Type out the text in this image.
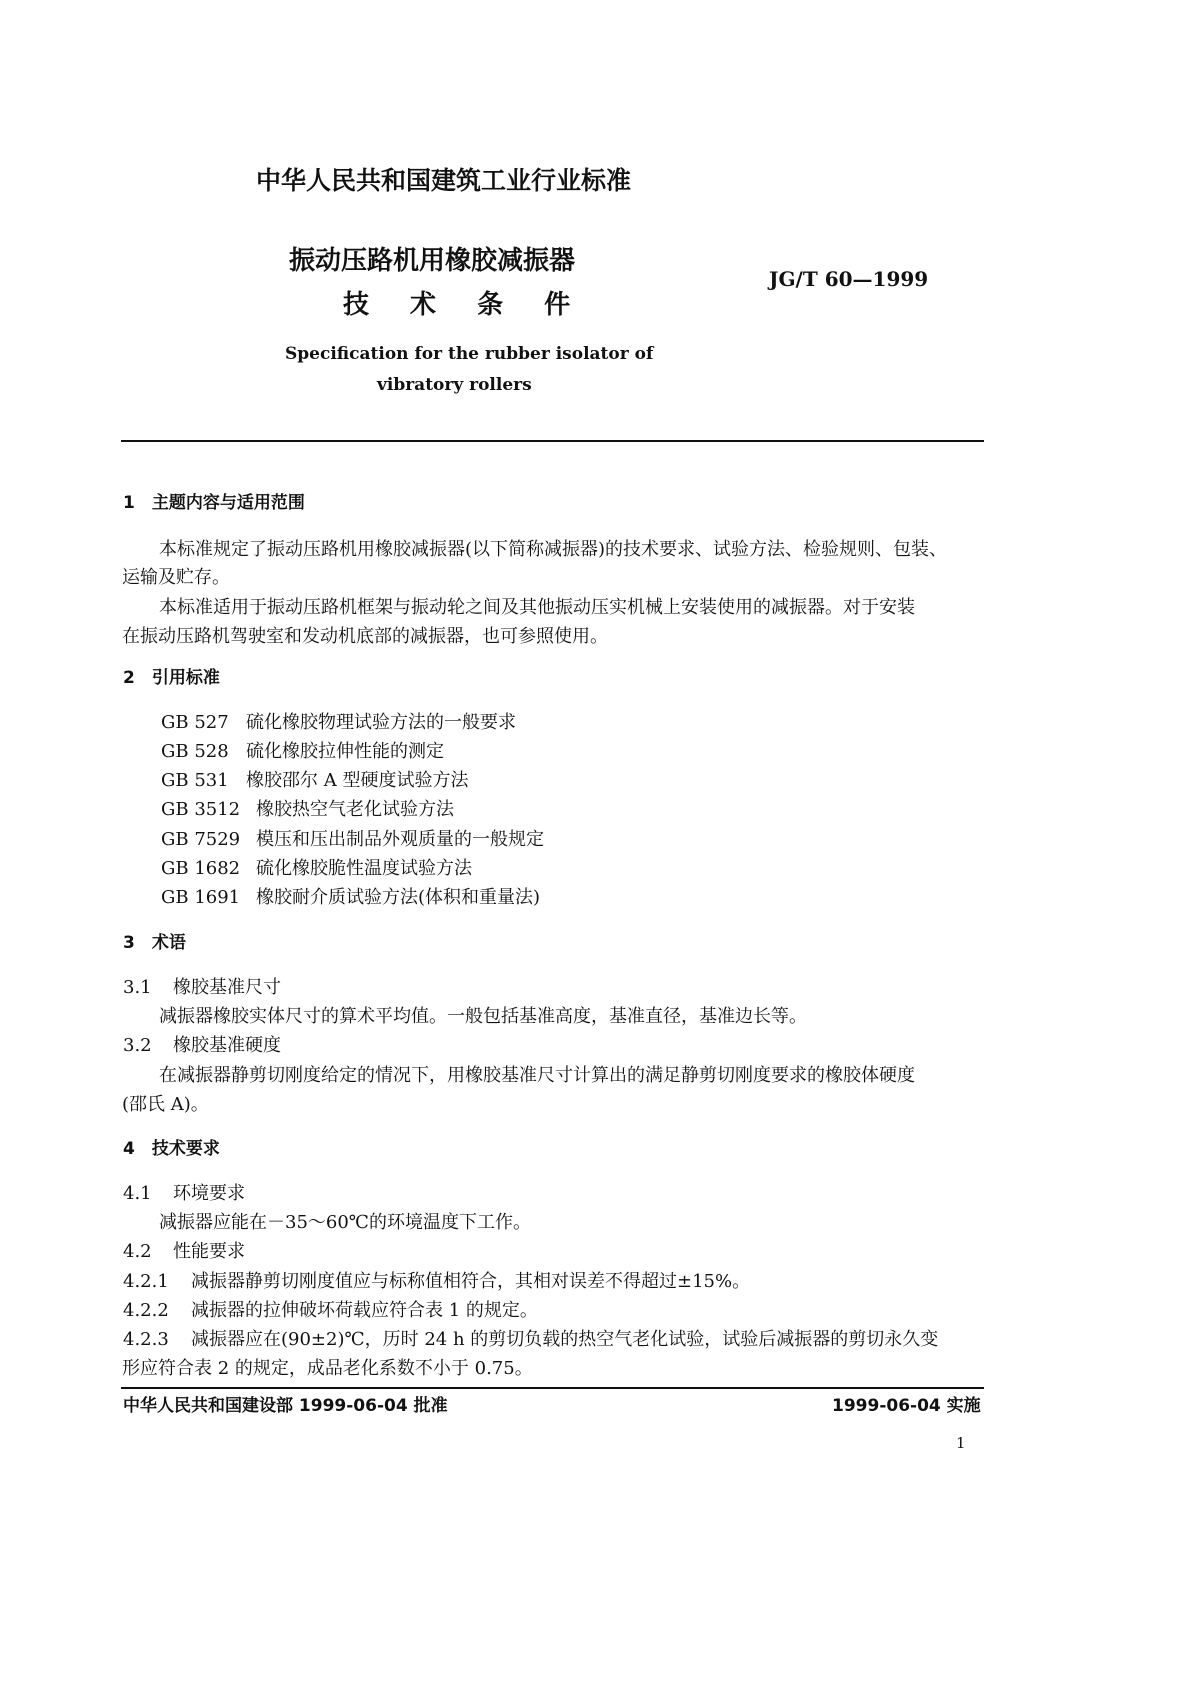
中华人民共和国建筑工业行业标准
振动压路机用橡胶减振器
技 术 条 件
JG/T 60—1999
Specification for the rubber isolator of
vibratory rollers
1　主题内容与适用范围
本标准规定了振动压路机用橡胶减振器(以下简称减振器)的技术要求、试验方法、检验规则、包装、
运输及贮存。
本标准适用于振动压路机框架与振动轮之间及其他振动压实机械上安装使用的减振器。对于安装
在振动压路机驾驶室和发动机底部的减振器，也可参照使用。
2　引用标准
GB 527 硫化橡胶物理试验方法的一般要求
GB 528 硫化橡胶拉伸性能的测定
GB 531 橡胶邵尔 A 型硬度试验方法
GB 3512 橡胶热空气老化试验方法
GB 7529 模压和压出制品外观质量的一般规定
GB 1682 硫化橡胶脆性温度试验方法
GB 1691 橡胶耐介质试验方法(体积和重量法)
3　术语
3.1 橡胶基准尺寸
减振器橡胶实体尺寸的算术平均值。一般包括基准高度，基准直径，基准边长等。
3.2 橡胶基准硬度
在减振器静剪切刚度给定的情况下，用橡胶基准尺寸计算出的满足静剪切刚度要求的橡胶体硬度
(邵氏 A)。
4　技术要求
4.1 环境要求
减振器应能在－35～60℃的环境温度下工作。
4.2 性能要求
4.2.1 减振器静剪切刚度值应与标称值相符合，其相对误差不得超过±15%。
4.2.2 减振器的拉伸破坏荷载应符合表 1 的规定。
4.2.3 减振器应在(90±2)℃，历时 24 h 的剪切负载的热空气老化试验，试验后减振器的剪切永久变
形应符合表 2 的规定，成品老化系数不小于 0.75。
中华人民共和国建设部 1999-06-04 批准	1999-06-04 实施
1
